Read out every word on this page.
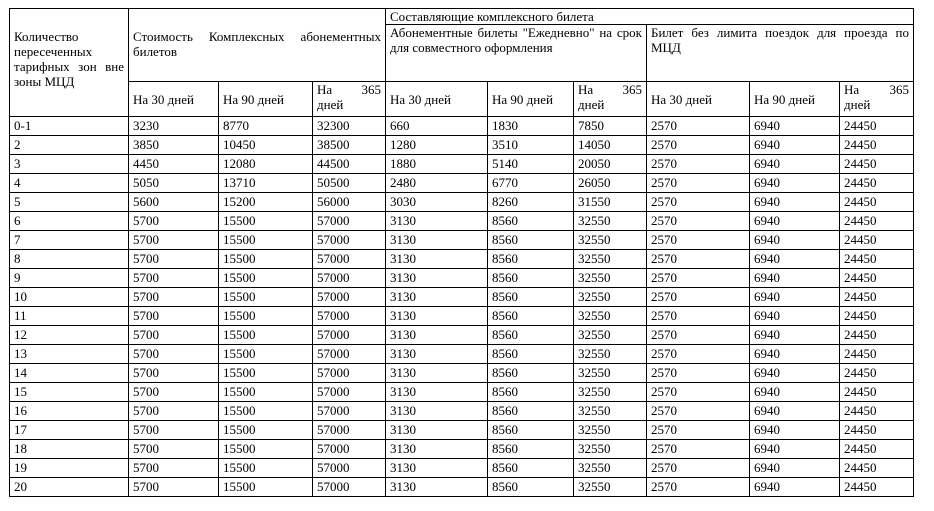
Количество пересеченных тарифных зон вне зоны МЦД	Стоимость Комплексных абонементных билетов			Составляющие комплексного билета					
				Абонементные билеты "Ежедневно" на срок для совместного оформления			Билет без лимита поездок для проезда по МЦД		
	На 30 дней	На 90 дней	На 365 дней	На 30 дней	На 90 дней	На 365 дней	На 30 дней	На 90 дней	На 365 дней
0-1	3230	8770	32300	660	1830	7850	2570	6940	24450
2	3850	10450	38500	1280	3510	14050	2570	6940	24450
3	4450	12080	44500	1880	5140	20050	2570	6940	24450
4	5050	13710	50500	2480	6770	26050	2570	6940	24450
5	5600	15200	56000	3030	8260	31550	2570	6940	24450
6	5700	15500	57000	3130	8560	32550	2570	6940	24450
7	5700	15500	57000	3130	8560	32550	2570	6940	24450
8	5700	15500	57000	3130	8560	32550	2570	6940	24450
9	5700	15500	57000	3130	8560	32550	2570	6940	24450
10	5700	15500	57000	3130	8560	32550	2570	6940	24450
11	5700	15500	57000	3130	8560	32550	2570	6940	24450
12	5700	15500	57000	3130	8560	32550	2570	6940	24450
13	5700	15500	57000	3130	8560	32550	2570	6940	24450
14	5700	15500	57000	3130	8560	32550	2570	6940	24450
15	5700	15500	57000	3130	8560	32550	2570	6940	24450
16	5700	15500	57000	3130	8560	32550	2570	6940	24450
17	5700	15500	57000	3130	8560	32550	2570	6940	24450
18	5700	15500	57000	3130	8560	32550	2570	6940	24450
19	5700	15500	57000	3130	8560	32550	2570	6940	24450
20	5700	15500	57000	3130	8560	32550	2570	6940	24450
